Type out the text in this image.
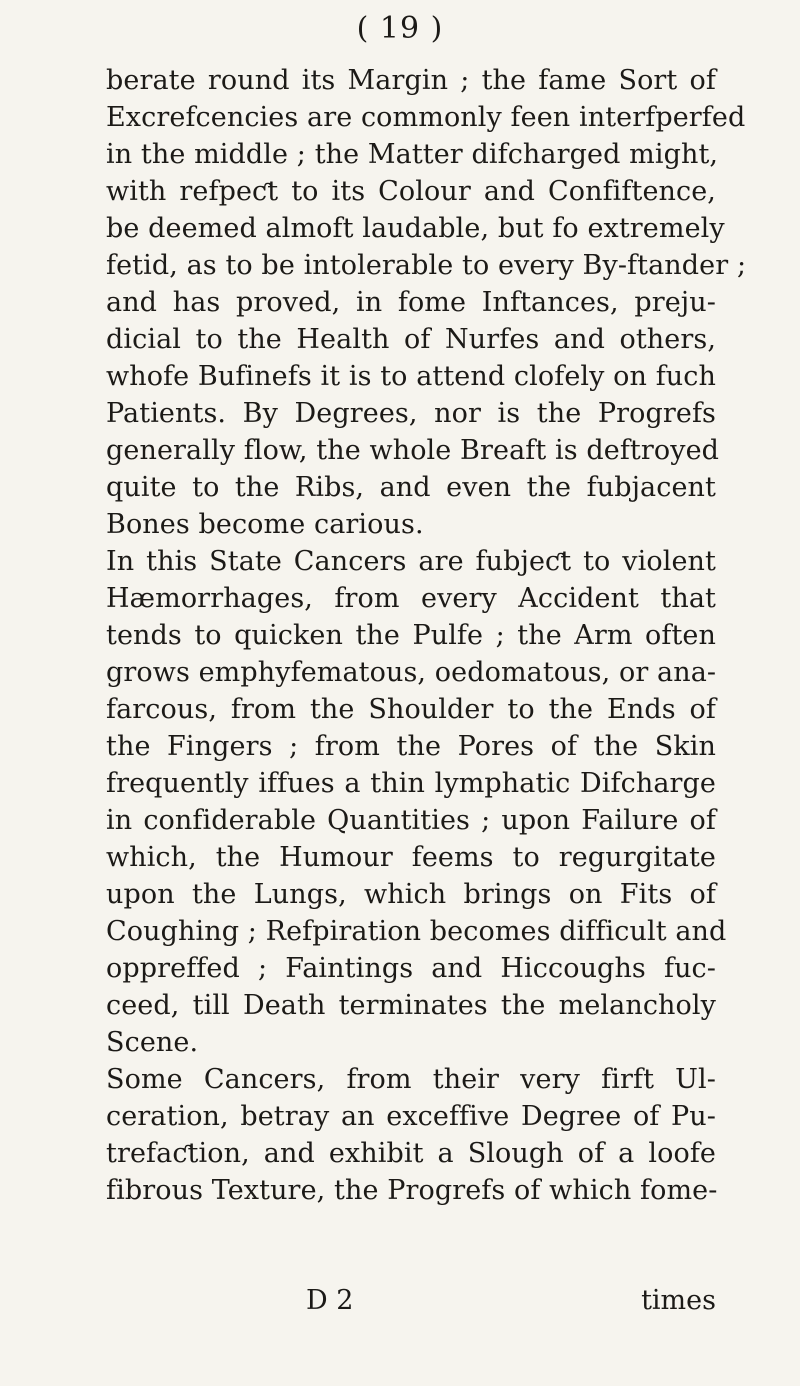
( 19 )
berate round its Margin ; the fame Sort of
Excrefcencies are commonly feen interfperfed
in the middle ; the Matter difcharged might,
with refpeƈt to its Colour and Confiftence,
be deemed almoft laudable, but fo extremely
fetid, as to be intolerable to every By-ftander ;
and has proved, in fome Inftances, preju-
dicial to the Health of Nurfes and others,
whofe Bufinefs it is to attend clofely on fuch
Patients. By Degrees, nor is the Progrefs
generally flow, the whole Breaft is deftroyed
quite to the Ribs, and even the fubjacent
Bones become carious.
In this State Cancers are fubjeƈt to violent
Hæmorrhages, from every Accident that
tends to quicken the Pulfe ; the Arm often
grows emphyfematous, oedomatous, or ana-
farcous, from the Shoulder to the Ends of
the Fingers ; from the Pores of the Skin
frequently iffues a thin lymphatic Difcharge
in confiderable Quantities ; upon Failure of
which, the Humour feems to regurgitate
upon the Lungs, which brings on Fits of
Coughing ; Refpiration becomes difficult and
oppreffed ; Faintings and Hiccoughs fuc-
ceed, till Death terminates the melancholy
Scene.
Some Cancers, from their very firft Ul-
ceration, betray an exceffive Degree of Pu-
trefaƈtion, and exhibit a Slough of a loofe
fibrous Texture, the Progrefs of which fome-
D 2	times
